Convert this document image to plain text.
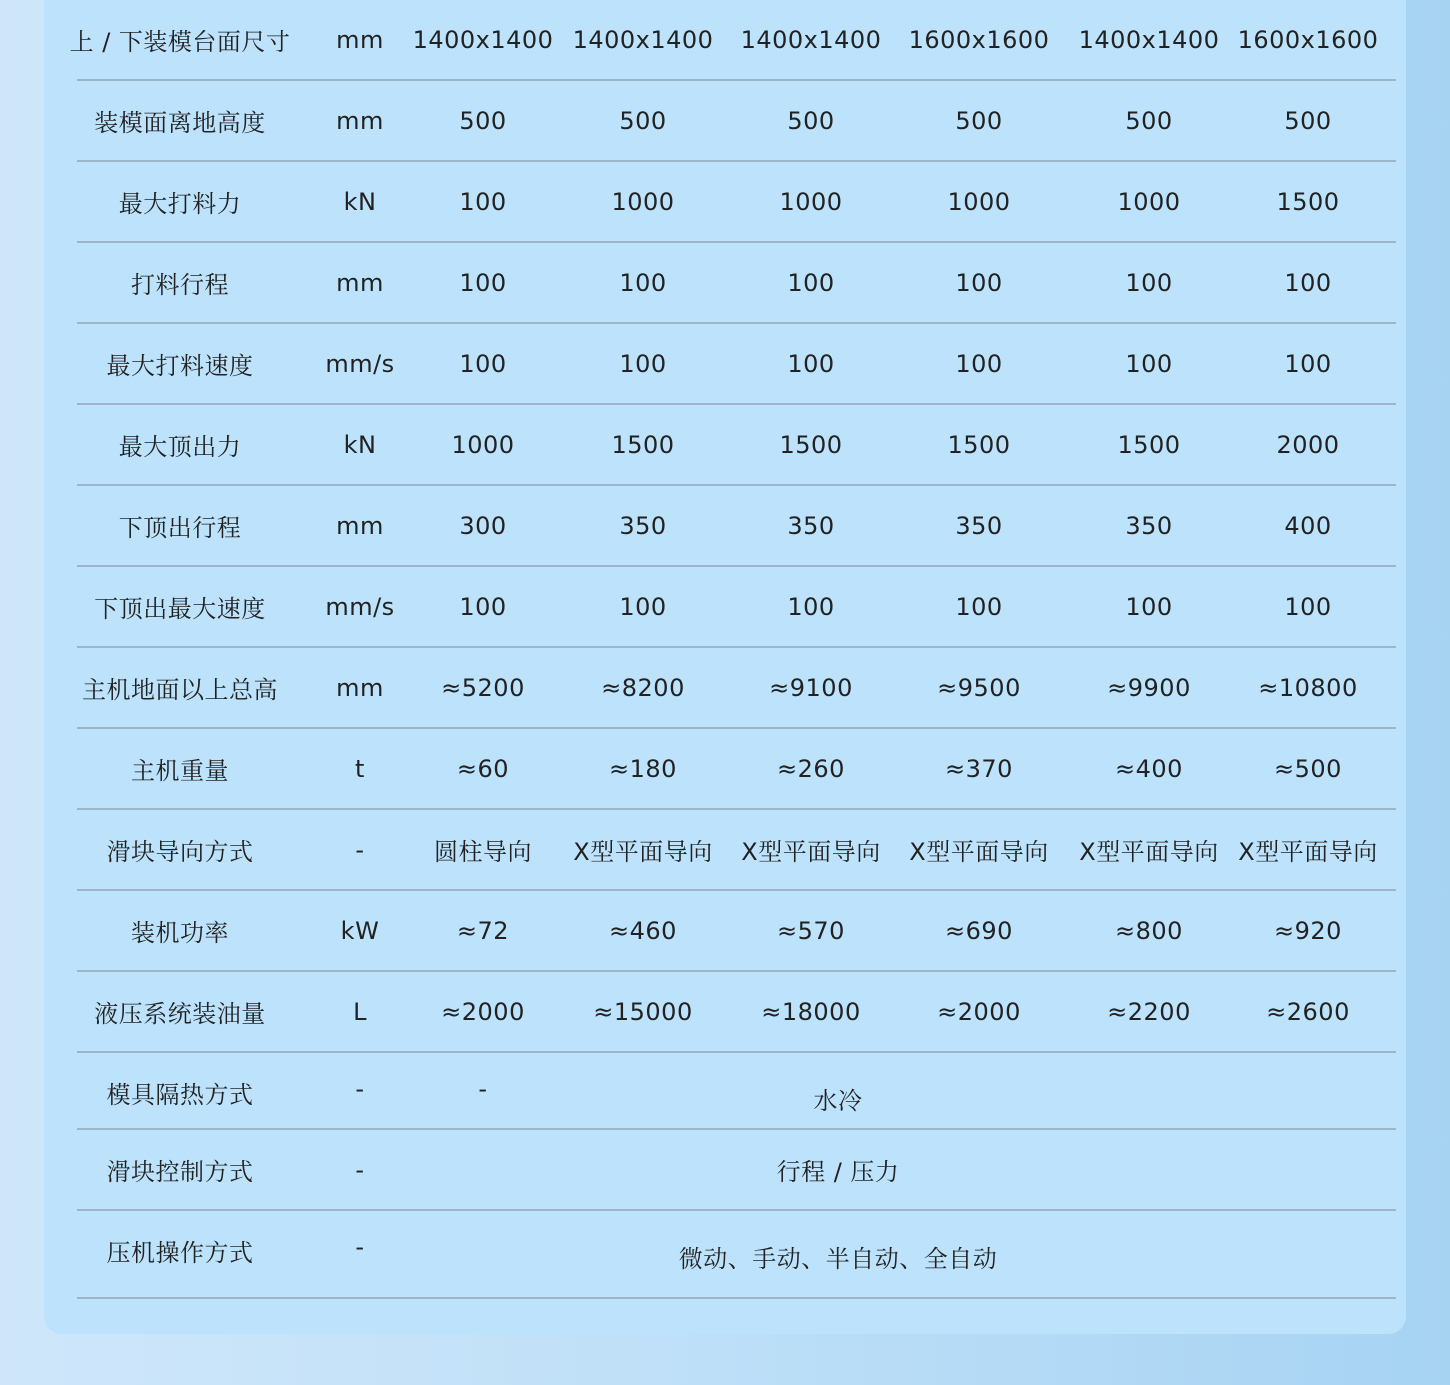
上 / 下装模台面尺寸	mm	1400x1400 1400x1400 1400x1400 1600x1600 1400x1400 1600x1600
装模面离地高度	mm	500	500	500	500	500	500
最大打料力	kN	100	1000	1000	1000	1000	1500
打料行程	mm	100	100	100	100	100	100
最大打料速度	mm/s	100	100	100	100	100	100
最大顶出力	kN	1000	1500	1500	1500	1500	2000
下顶出行程	mm	300	350	350	350	350	400
下顶出最大速度	mm/s	100	100	100	100	100	100
主机地面以上总高	mm	≈5200	≈8200	≈9100	≈9500	≈9900	≈10800
主机重量	t	≈60	≈180	≈260	≈370	≈400	≈500
滑块导向方式	-	圆柱导向	X型平面导向 X型平面导向 X型平面导向 X型平面导向 X型平面导向
装机功率	kW	≈72	≈460	≈570	≈690	≈800	≈920
液压系统装油量	L	≈2000	≈15000	≈18000	≈2000	≈2200	≈2600
模具隔热方式	-	-	水冷
滑块控制方式	-	行程 / 压力
压机操作方式	-	微动、手动、半自动、全自动
